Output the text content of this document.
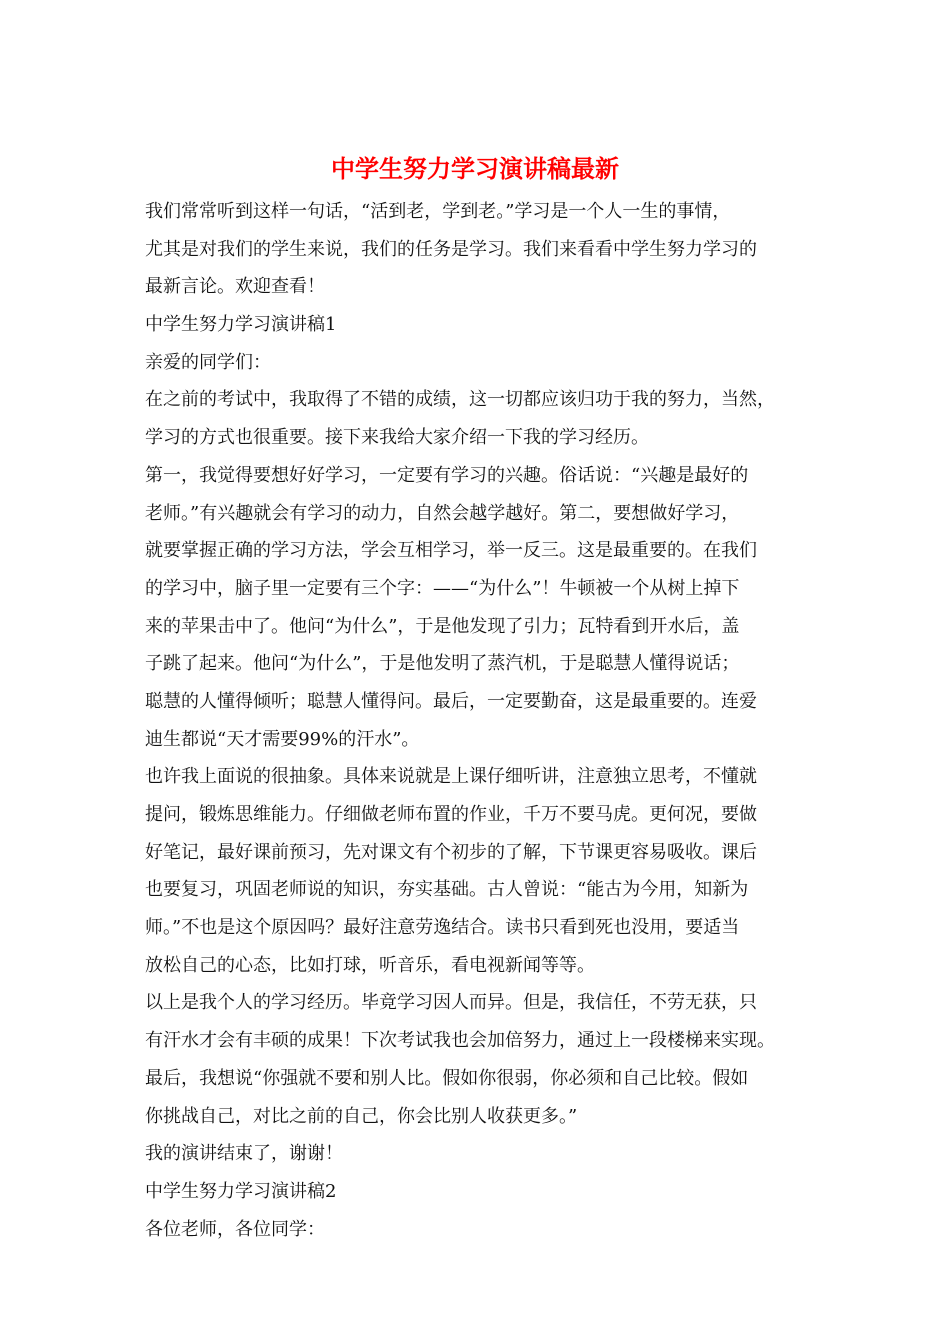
中学生努力学习演讲稿最新
我们常常听到这样一句话，“活到老，学到老。”学习是一个人一生的事情，
尤其是对我们的学生来说，我们的任务是学习。我们来看看中学生努力学习的
最新言论。欢迎查看！
中学生努力学习演讲稿1
亲爱的同学们：
在之前的考试中，我取得了不错的成绩，这一切都应该归功于我的努力，当然，
学习的方式也很重要。接下来我给大家介绍一下我的学习经历。
第一，我觉得要想好好学习，一定要有学习的兴趣。俗话说：“兴趣是最好的
老师。”有兴趣就会有学习的动力，自然会越学越好。第二，要想做好学习，
就要掌握正确的学习方法，学会互相学习，举一反三。这是最重要的。在我们
的学习中，脑子里一定要有三个字：——“为什么”！牛顿被一个从树上掉下
来的苹果击中了。他问“为什么”，于是他发现了引力；瓦特看到开水后，盖
子跳了起来。他问“为什么”，于是他发明了蒸汽机，于是聪慧人懂得说话；
聪慧的人懂得倾听；聪慧人懂得问。最后，一定要勤奋，这是最重要的。连爱
迪生都说“天才需要99%的汗水”。
也许我上面说的很抽象。具体来说就是上课仔细听讲，注意独立思考，不懂就
提问，锻炼思维能力。仔细做老师布置的作业，千万不要马虎。更何况，要做
好笔记，最好课前预习，先对课文有个初步的了解，下节课更容易吸收。课后
也要复习，巩固老师说的知识，夯实基础。古人曾说：“能古为今用，知新为
师。”不也是这个原因吗？最好注意劳逸结合。读书只看到死也没用，要适当
放松自己的心态，比如打球，听音乐，看电视新闻等等。
以上是我个人的学习经历。毕竟学习因人而异。但是，我信任，不劳无获，只
有汗水才会有丰硕的成果！下次考试我也会加倍努力，通过上一段楼梯来实现。
最后，我想说“你强就不要和别人比。假如你很弱，你必须和自己比较。假如
你挑战自己，对比之前的自己，你会比别人收获更多。”
我的演讲结束了，谢谢！
中学生努力学习演讲稿2
各位老师，各位同学：
